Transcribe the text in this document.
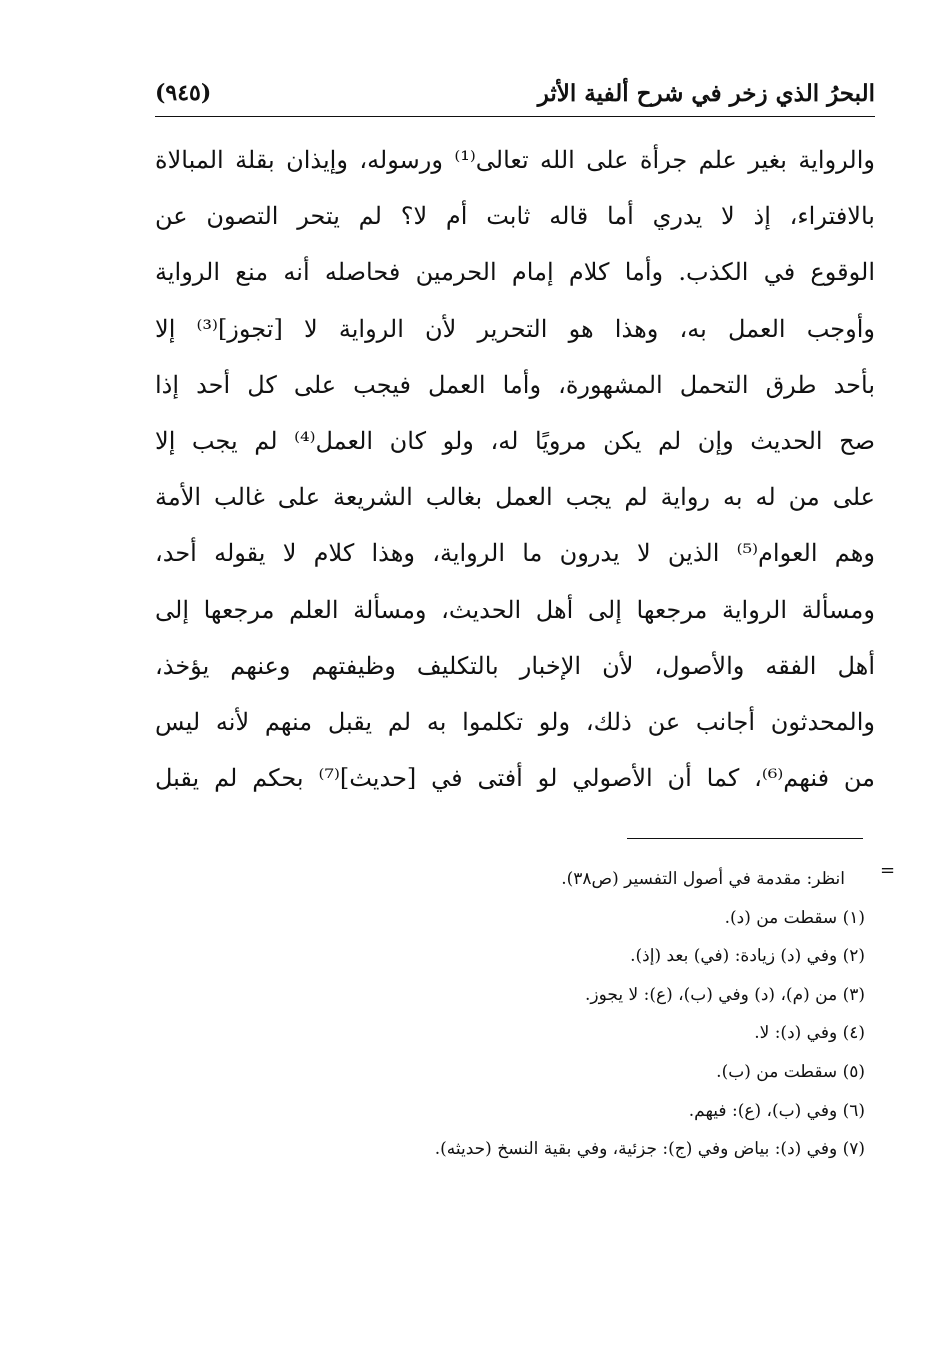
البحرُ الذي زخر في شرح ألفية الأثر
(٩٤٥)
والرواية بغير علم جرأة على الله تعالى⁽¹⁾ ورسوله، وإيذان بقلة المبالاة
بالافتراء، إذ لا يدري أما قاله ثابت أم لا؟ لم يتحر التصون عن
الوقوع في الكذب. وأما كلام إمام الحرمين فحاصله أنه منع الرواية
وأوجب العمل به، وهذا هو التحرير لأن الرواية لا [تجوز]⁽³⁾ إلا
بأحد طرق التحمل المشهورة، وأما العمل فيجب على كل أحد إذا
صح الحديث وإن لم يكن مرويًا له، ولو كان العمل⁽⁴⁾ لم يجب إلا
على من له به رواية لم يجب العمل بغالب الشريعة على غالب الأمة
وهم العوام⁽⁵⁾ الذين لا يدرون ما الرواية، وهذا كلام لا يقوله أحد،
ومسألة الرواية مرجعها إلى أهل الحديث، ومسألة العلم مرجعها إلى
أهل الفقه والأصول، لأن الإخبار بالتكليف وظيفتهم وعنهم يؤخذ،
والمحدثون أجانب عن ذلك، ولو تكلموا به لم يقبل منهم لأنه ليس
من فنهم⁽⁶⁾، كما أن الأصولي لو أفتى في [حديث]⁽⁷⁾ بحكم لم يقبل
=
انظر: مقدمة في أصول التفسير (ص٣٨).
(١) سقطت من (د).
(٢) وفي (د) زيادة: (في) بعد (إذ).
(٣) من (م)، (د) وفي (ب)، (ع): لا يجوز.
(٤) وفي (د): لا.
(٥) سقطت من (ب).
(٦) وفي (ب)، (ع): فيهم.
(٧) وفي (د): بياض وفي (ج): جزئية، وفي بقية النسخ (حديثه).
